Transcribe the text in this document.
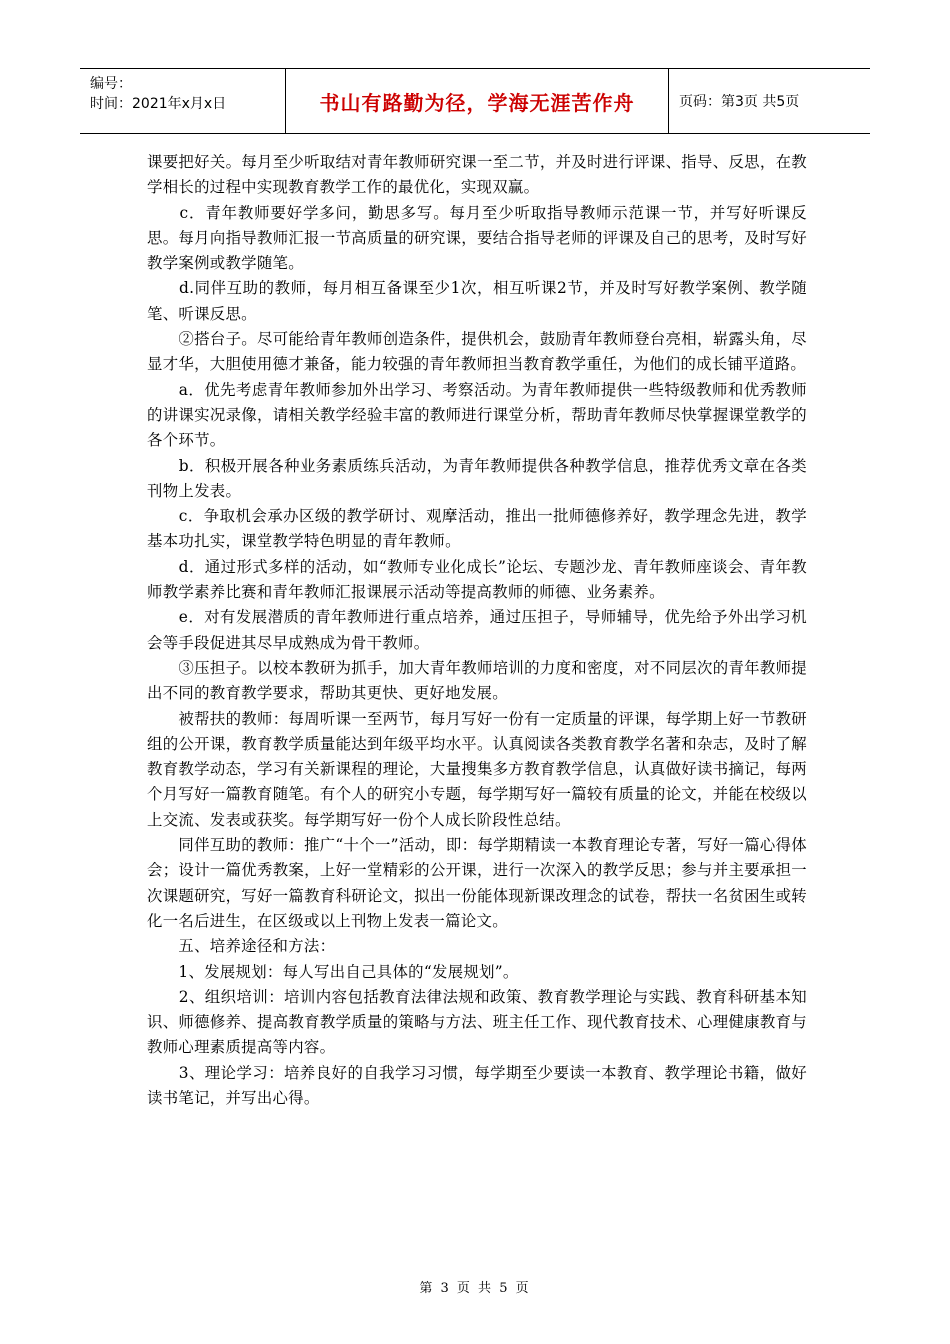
编号：
时间：2021年x月x日	书山有路勤为径，学海无涯苦作舟	页码：第3页 共5页

课要把好关。每月至少听取结对青年教师研究课一至二节，并及时进行评课、指导、反思，在教学相长的过程中实现教育教学工作的最优化，实现双赢。

　　c．青年教师要好学多问，勤思多写。每月至少听取指导教师示范课一节，并写好听课反思。每月向指导教师汇报一节高质量的研究课，要结合指导老师的评课及自己的思考，及时写好教学案例或教学随笔。

　　d.同伴互助的教师，每月相互备课至少1次，相互听课2节，并及时写好教学案例、教学随笔、听课反思。

　　②搭台子。尽可能给青年教师创造条件，提供机会，鼓励青年教师登台亮相，崭露头角，尽显才华，大胆使用德才兼备，能力较强的青年教师担当教育教学重任，为他们的成长铺平道路。

　　a．优先考虑青年教师参加外出学习、考察活动。为青年教师提供一些特级教师和优秀教师的讲课实况录像，请相关教学经验丰富的教师进行课堂分析，帮助青年教师尽快掌握课堂教学的各个环节。

　　b．积极开展各种业务素质练兵活动，为青年教师提供各种教学信息，推荐优秀文章在各类刊物上发表。

　　c．争取机会承办区级的教学研讨、观摩活动，推出一批师德修养好，教学理念先进，教学基本功扎实，课堂教学特色明显的青年教师。

　　d．通过形式多样的活动，如“教师专业化成长”论坛、专题沙龙、青年教师座谈会、青年教师教学素养比赛和青年教师汇报课展示活动等提高教师的师德、业务素养。

　　e．对有发展潜质的青年教师进行重点培养，通过压担子，导师辅导，优先给予外出学习机会等手段促进其尽早成熟成为骨干教师。

　　③压担子。以校本教研为抓手，加大青年教师培训的力度和密度，对不同层次的青年教师提出不同的教育教学要求，帮助其更快、更好地发展。

　　被帮扶的教师：每周听课一至两节，每月写好一份有一定质量的评课，每学期上好一节教研组的公开课，教育教学质量能达到年级平均水平。认真阅读各类教育教学名著和杂志，及时了解教育教学动态，学习有关新课程的理论，大量搜集多方教育教学信息，认真做好读书摘记，每两个月写好一篇教育随笔。有个人的研究小专题，每学期写好一篇较有质量的论文，并能在校级以上交流、发表或获奖。每学期写好一份个人成长阶段性总结。

　　同伴互助的教师：推广“十个一”活动，即：每学期精读一本教育理论专著，写好一篇心得体会；设计一篇优秀教案，上好一堂精彩的公开课，进行一次深入的教学反思；参与并主要承担一次课题研究，写好一篇教育科研论文，拟出一份能体现新课改理念的试卷，帮扶一名贫困生或转化一名后进生，在区级或以上刊物上发表一篇论文。

　　五、培养途径和方法：

　　1、发展规划：每人写出自己具体的“发展规划”。

　　2、组织培训：培训内容包括教育法律法规和政策、教育教学理论与实践、教育科研基本知识、师德修养、提高教育教学质量的策略与方法、班主任工作、现代教育技术、心理健康教育与教师心理素质提高等内容。

　　3、理论学习：培养良好的自我学习习惯，每学期至少要读一本教育、教学理论书籍，做好读书笔记，并写出心得。

第 3 页 共 5 页
